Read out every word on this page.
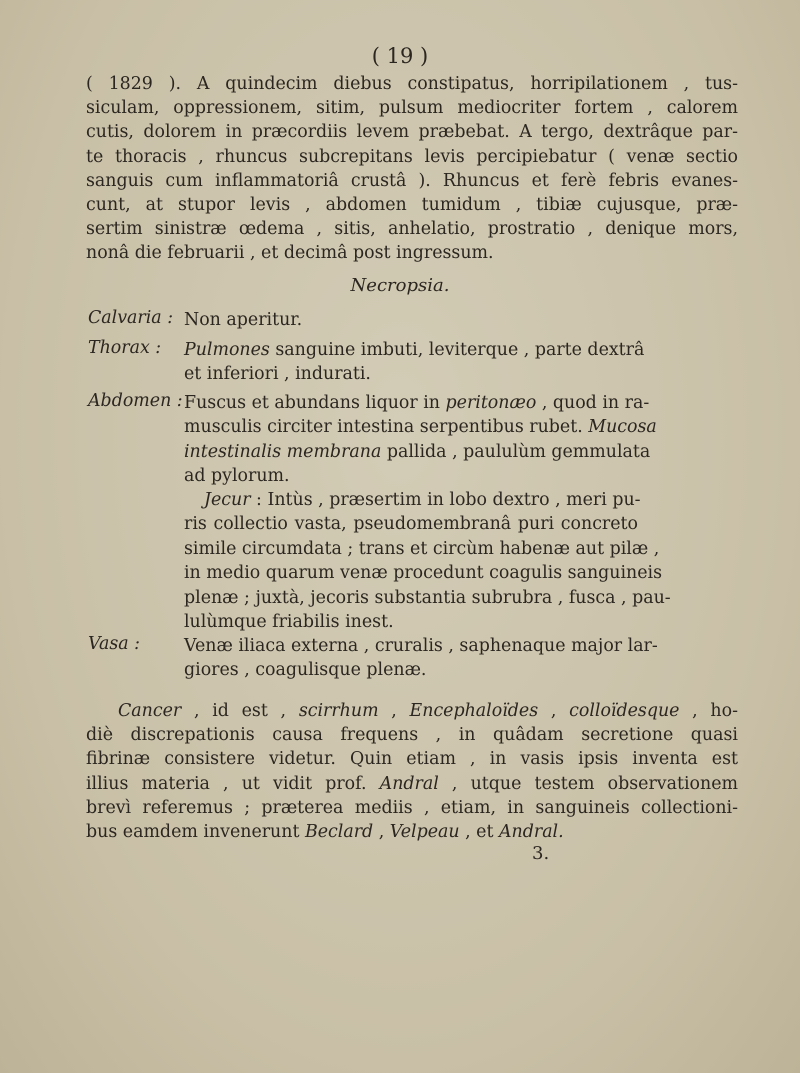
( 19 )
( 1829 ). A quindecim diebus constipatus, horripilationem , tus-
siculam, oppressionem, sitim, pulsum mediocriter fortem , calorem
cutis, dolorem in præcordiis levem præbebat. A tergo, dextrâque par-
te thoracis , rhuncus subcrepitans levis percipiebatur ( venæ sectio
sanguis cum inflammatoriâ crustâ ). Rhuncus et ferè febris evanes-
cunt, at stupor levis , abdomen tumidum , tibiæ cujusque, præ-
sertim sinistræ œdema , sitis, anhelatio, prostratio , denique mors,
nonâ die februarii , et decimâ post ingressum.
Necropsia.
Calvaria : Non aperitur.
Thorax : Pulmones sanguine imbuti, leviterque , parte dextrâ
et inferiori , indurati.
Abdomen : Fuscus et abundans liquor in peritonæo , quod in ra-
musculis circiter intestina serpentibus rubet. Mucosa
intestinalis membrana pallida , paululùm gemmulata
ad pylorum.
Jecur : Intùs , præsertim in lobo dextro , meri pu-
ris collectio vasta, pseudomembranâ puri concreto
simile circumdata ; trans et circùm habenæ aut pilæ ,
in medio quarum venæ procedunt coagulis sanguineis
plenæ ; juxtà, jecoris substantia subrubra , fusca , pau-
lulùmque friabilis inest.
Vasa :	Venæ iliaca externa , cruralis , saphenaque major lar-
giores , coagulisque plenæ.
Cancer , id est , scirrhum , Encephaloïdes , colloïdesque , ho-
diè discrepationis causa frequens , in quâdam secretione quasi
fibrinæ consistere videtur. Quin etiam , in vasis ipsis inventa est
illius materia , ut vidit prof. Andral , utque testem observationem
brevì referemus ; præterea mediis , etiam, in sanguineis collectioni-
bus eamdem invenerunt Beclard , Velpeau , et Andral.
3.
